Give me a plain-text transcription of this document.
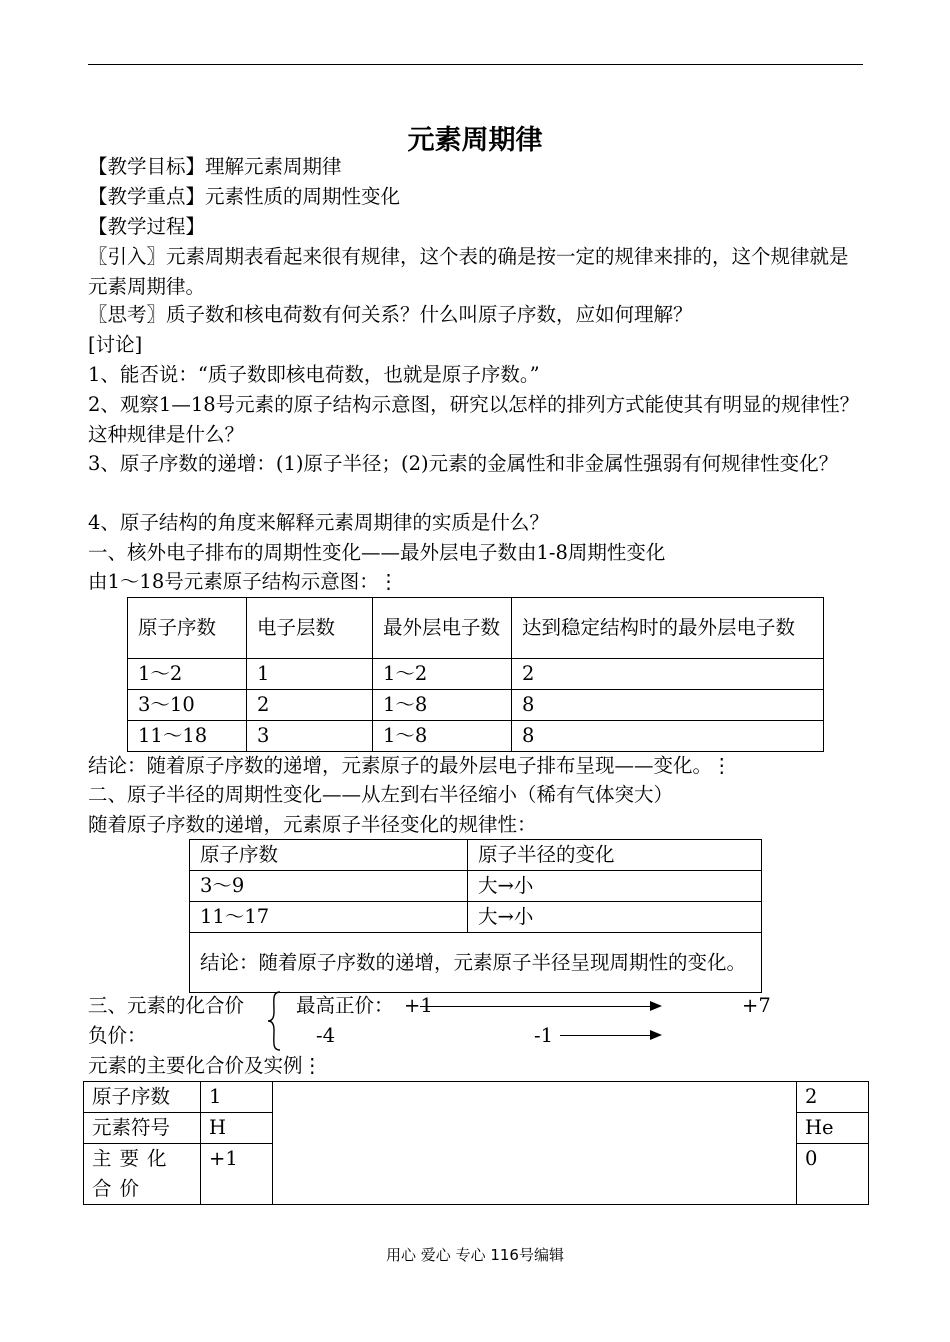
元素周期律
【教学目标】理解元素周期律
【教学重点】元素性质的周期性变化
【教学过程】
〖引入〗元素周期表看起来很有规律，这个表的确是按一定的规律来排的，这个规律就是元素周期律。
〖思考〗质子数和核电荷数有何关系？什么叫原子序数，应如何理解？
[讨论]
1、能否说：“质子数即核电荷数，也就是原子序数。”
2、观察1—18号元素的原子结构示意图，研究以怎样的排列方式能使其有明显的规律性？这种规律是什么？
3、原子序数的递增：(1)原子半径；(2)元素的金属性和非金属性强弱有何规律性变化？
4、原子结构的角度来解释元素周期律的实质是什么？
一、核外电子排布的周期性变化——最外层电子数由1-8周期性变化
由1～18号元素原子结构示意图：⋮
原子序数	电子层数	最外层电子数	达到稳定结构时的最外层电子数
1～2	1	1～2	2
3～10	2	1～8	8
11～18	3	1～8	8
结论：随着原子序数的递增，元素原子的最外层电子排布呈现——变化。⋮
二、原子半径的周期性变化——从左到右半径缩小（稀有气体突大）
随着原子序数的递增，元素原子半径变化的规律性：
原子序数	原子半径的变化
3～9	大→小
11～17	大→小
结论：随着原子序数的递增，元素原子半径呈现周期性的变化。	
三、元素的化合价
负价：
最高正价： +1	+7
-4	-1
元素的主要化合价及实例⋮
原子序数	1		2
元素符号	H		He

主要化合价	+1		0
用心 爱心 专心 116号编辑
